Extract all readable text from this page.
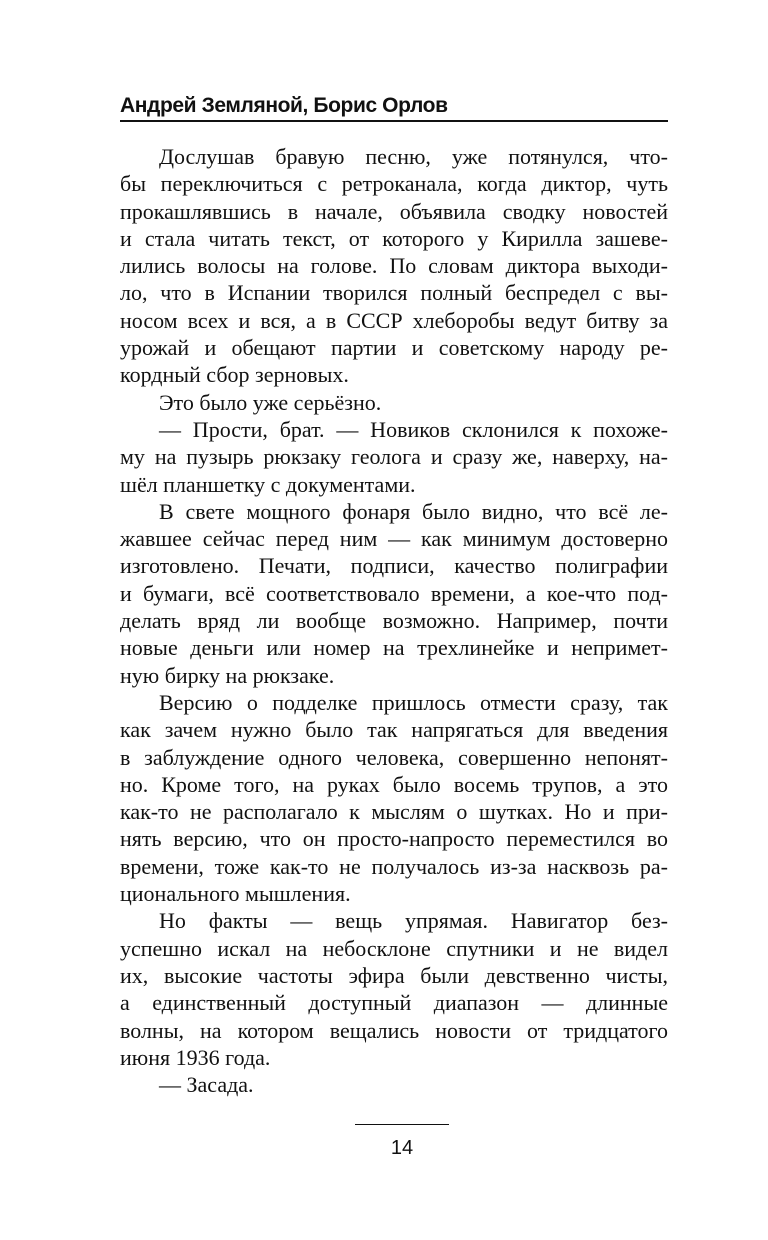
Андрей Земляной, Борис Орлов
Дослушав бравую песню, уже потянулся, что-
бы переключиться с ретроканала, когда диктор, чуть
прокашлявшись в начале, объявила сводку новостей
и стала читать текст, от которого у Кирилла зашеве-
лились волосы на голове. По словам диктора выходи-
ло, что в Испании творился полный беспредел с вы-
носом всех и вся, а в СССР хлеборобы ведут битву за
урожай и обещают партии и советскому народу ре-
кордный сбор зерновых.
Это было уже серьёзно.
— Прости, брат. — Новиков склонился к похоже-
му на пузырь рюкзаку геолога и сразу же, наверху, на-
шёл планшетку с документами.
В свете мощного фонаря было видно, что всё ле-
жавшее сейчас перед ним — как минимум достоверно
изготовлено. Печати, подписи, качество полиграфии
и бумаги, всё соответствовало времени, а кое-что под-
делать вряд ли вообще возможно. Например, почти
новые деньги или номер на трехлинейке и непримет-
ную бирку на рюкзаке.
Версию о подделке пришлось отмести сразу, так
как зачем нужно было так напрягаться для введения
в заблуждение одного человека, совершенно непонят-
но. Кроме того, на руках было восемь трупов, а это
как-то не располагало к мыслям о шутках. Но и при-
нять версию, что он просто-напросто переместился во
времени, тоже как-то не получалось из-за насквозь ра-
ционального мышления.
Но факты — вещь упрямая. Навигатор без-
успешно искал на небосклоне спутники и не видел
их, высокие частоты эфира были девственно чисты,
а единственный доступный диапазон — длинные
волны, на котором вещались новости от тридцатого
июня 1936 года.
— Засада.
14
